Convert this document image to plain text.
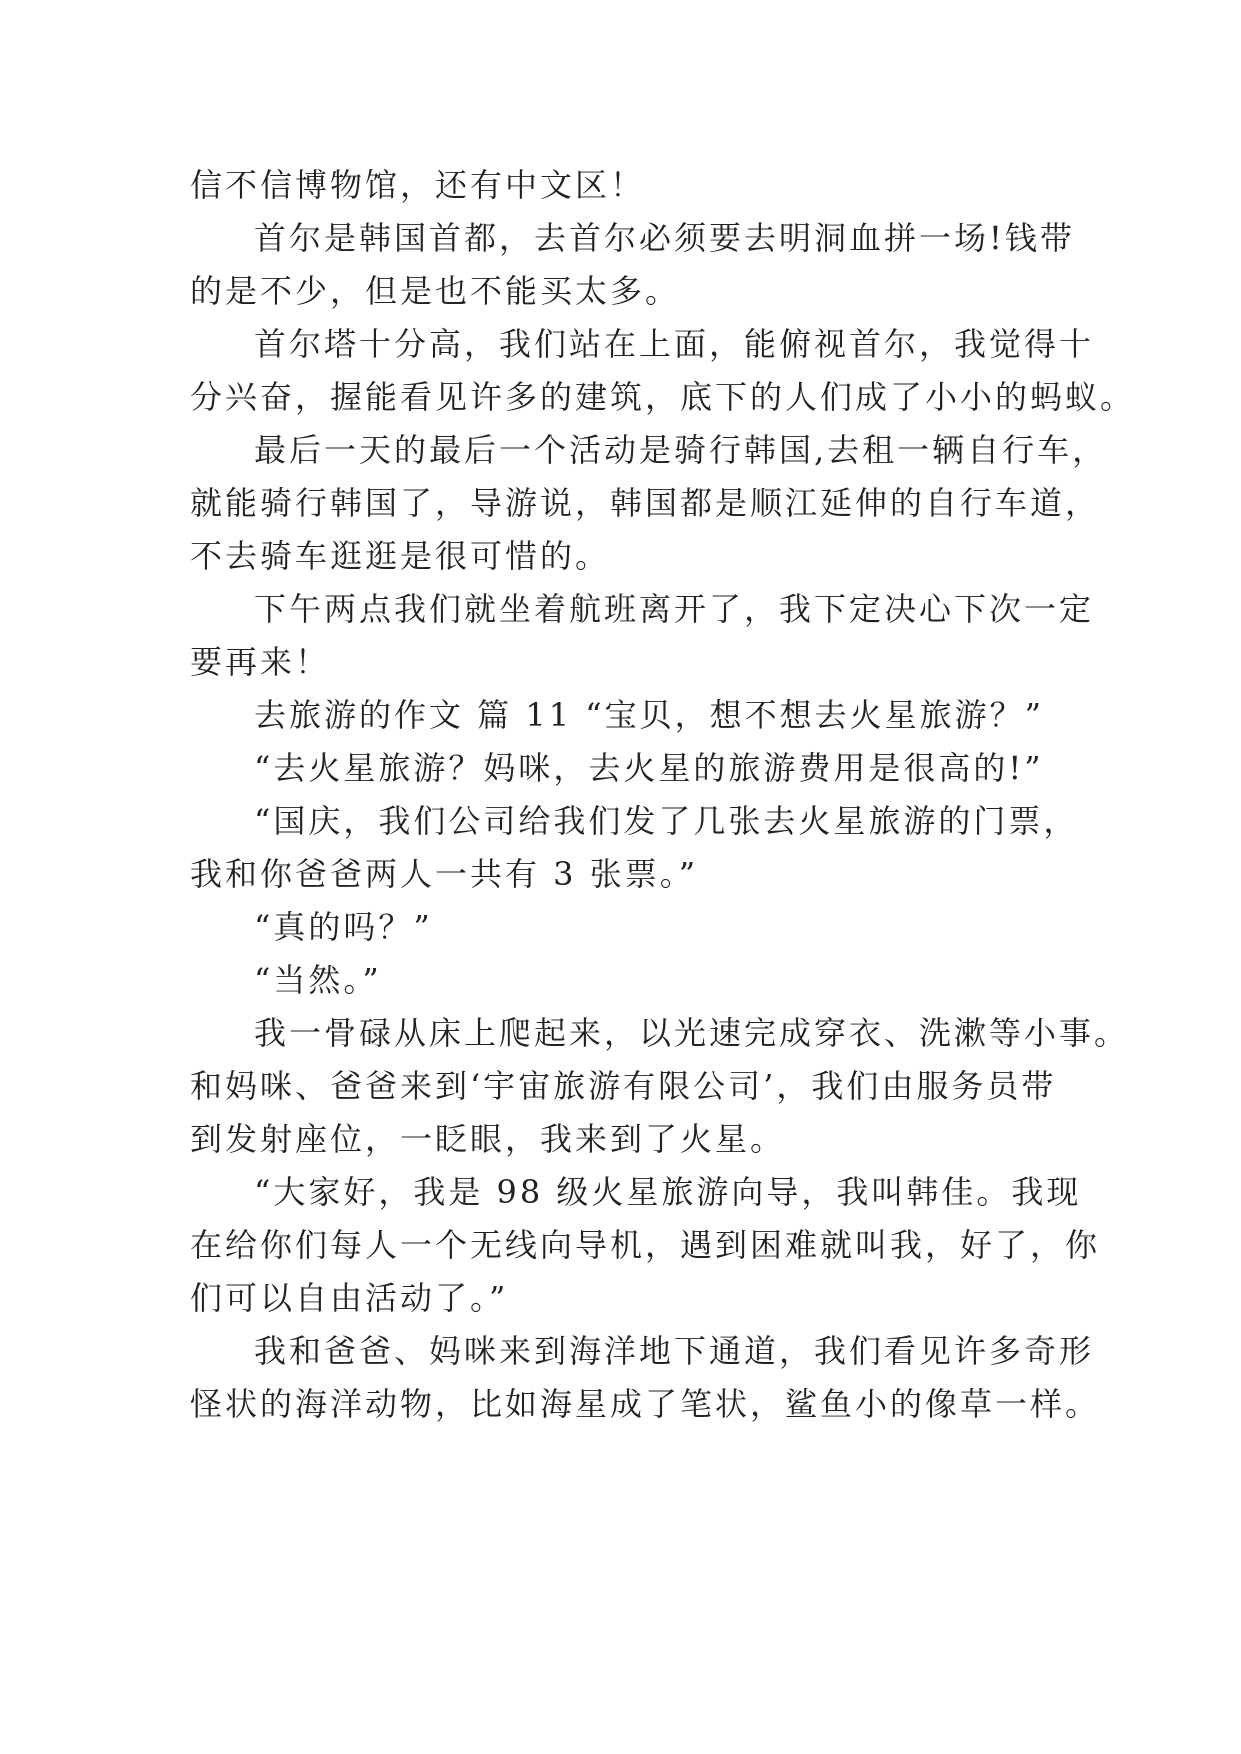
信不信博物馆，还有中文区！
首尔是韩国首都，去首尔必须要去明洞血拼一场!钱带
的是不少，但是也不能买太多。
首尔塔十分高，我们站在上面，能俯视首尔，我觉得十
分兴奋，握能看见许多的建筑，底下的人们成了小小的蚂蚁。
最后一天的最后一个活动是骑行韩国,去租一辆自行车，
就能骑行韩国了，导游说，韩国都是顺江延伸的自行车道，
不去骑车逛逛是很可惜的。
下午两点我们就坐着航班离开了，我下定决心下次一定
要再来！
去旅游的作文 篇 11 “宝贝，想不想去火星旅游？”
“去火星旅游？妈咪，去火星的旅游费用是很高的!”
“国庆，我们公司给我们发了几张去火星旅游的门票，
我和你爸爸两人一共有 3 张票。”
“真的吗？”
“当然。”
我一骨碌从床上爬起来，以光速完成穿衣、洗漱等小事。
和妈咪、爸爸来到‘宇宙旅游有限公司’，我们由服务员带
到发射座位，一眨眼，我来到了火星。
“大家好，我是 98 级火星旅游向导，我叫韩佳。我现
在给你们每人一个无线向导机，遇到困难就叫我，好了，你
们可以自由活动了。”
我和爸爸、妈咪来到海洋地下通道，我们看见许多奇形
怪状的海洋动物，比如海星成了笔状，鲨鱼小的像草一样。
